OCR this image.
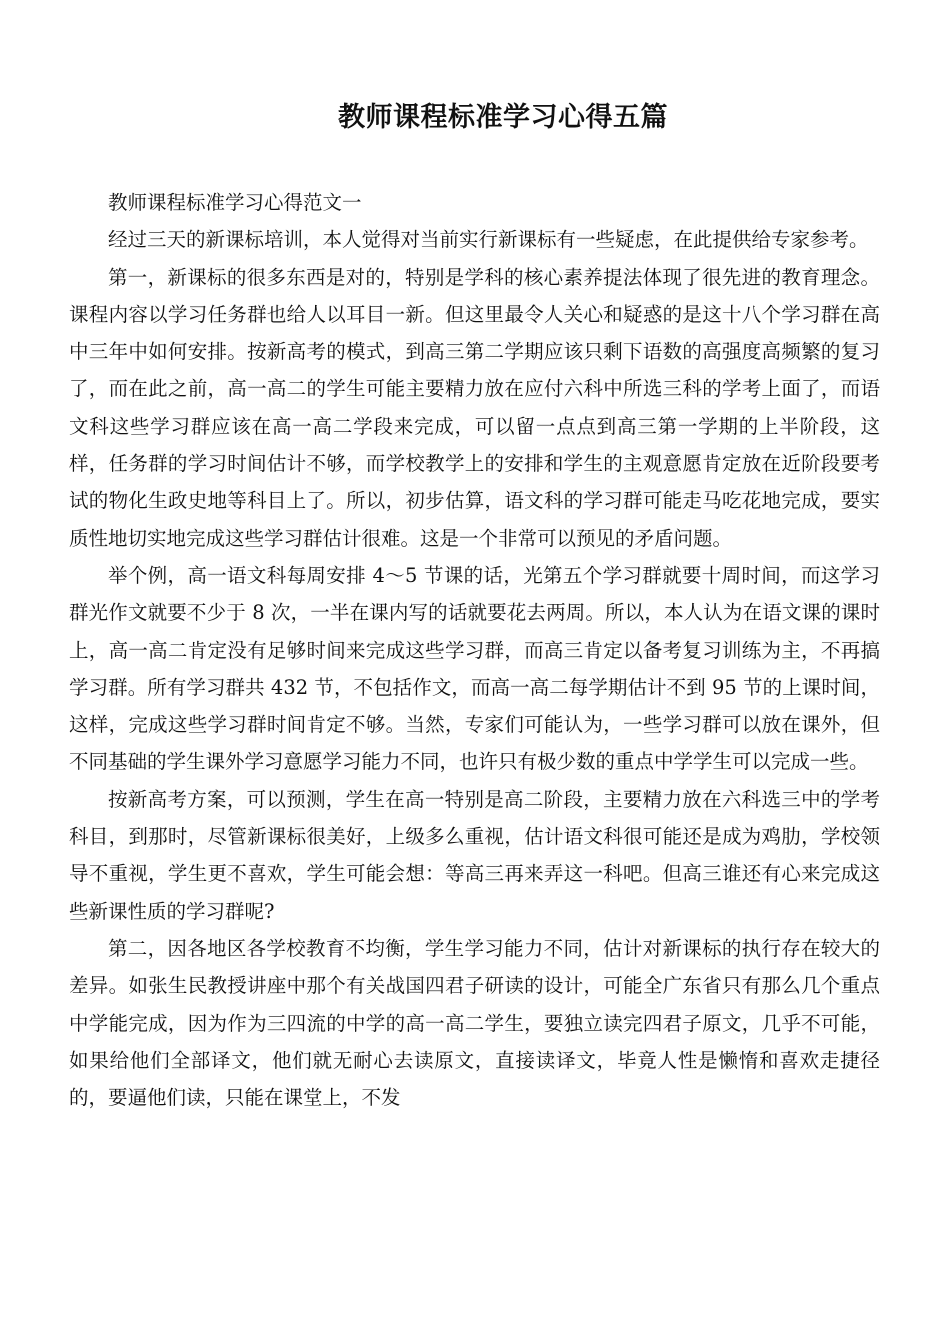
教师课程标准学习心得五篇

教师课程标准学习心得范文一

经过三天的新课标培训，本人觉得对当前实行新课标有一些疑虑，在此提供给专家参考。

第一，新课标的很多东西是对的，特别是学科的核心素养提法体现了很先进的教育理念。课程内容以学习任务群也给人以耳目一新。但这里最令人关心和疑惑的是这十八个学习群在高中三年中如何安排。按新高考的模式，到高三第二学期应该只剩下语数的高强度高频繁的复习了，而在此之前，高一高二的学生可能主要精力放在应付六科中所选三科的学考上面了，而语文科这些学习群应该在高一高二学段来完成，可以留一点点到高三第一学期的上半阶段，这样，任务群的学习时间估计不够，而学校教学上的安排和学生的主观意愿肯定放在近阶段要考试的物化生政史地等科目上了。所以，初步估算，语文科的学习群可能走马吃花地完成，要实质性地切实地完成这些学习群估计很难。这是一个非常可以预见的矛盾问题。

举个例，高一语文科每周安排 4～5 节课的话，光第五个学习群就要十周时间，而这学习群光作文就要不少于 8 次，一半在课内写的话就要花去两周。所以，本人认为在语文课的课时上，高一高二肯定没有足够时间来完成这些学习群，而高三肯定以备考复习训练为主，不再搞学习群。所有学习群共 432 节，不包括作文，而高一高二每学期估计不到 95 节的上课时间，这样，完成这些学习群时间肯定不够。当然，专家们可能认为，一些学习群可以放在课外，但不同基础的学生课外学习意愿学习能力不同，也许只有极少数的重点中学学生可以完成一些。

按新高考方案，可以预测，学生在高一特别是高二阶段，主要精力放在六科选三中的学考科目，到那时，尽管新课标很美好，上级多么重视，估计语文科很可能还是成为鸡肋，学校领导不重视，学生更不喜欢，学生可能会想：等高三再来弄这一科吧。但高三谁还有心来完成这些新课性质的学习群呢?

第二，因各地区各学校教育不均衡，学生学习能力不同，估计对新课标的执行存在较大的差异。如张生民教授讲座中那个有关战国四君子研读的设计，可能全广东省只有那么几个重点中学能完成，因为作为三四流的中学的高一高二学生，要独立读完四君子原文，几乎不可能，如果给他们全部译文，他们就无耐心去读原文，直接读译文，毕竟人性是懒惰和喜欢走捷径的，要逼他们读，只能在课堂上，不发
